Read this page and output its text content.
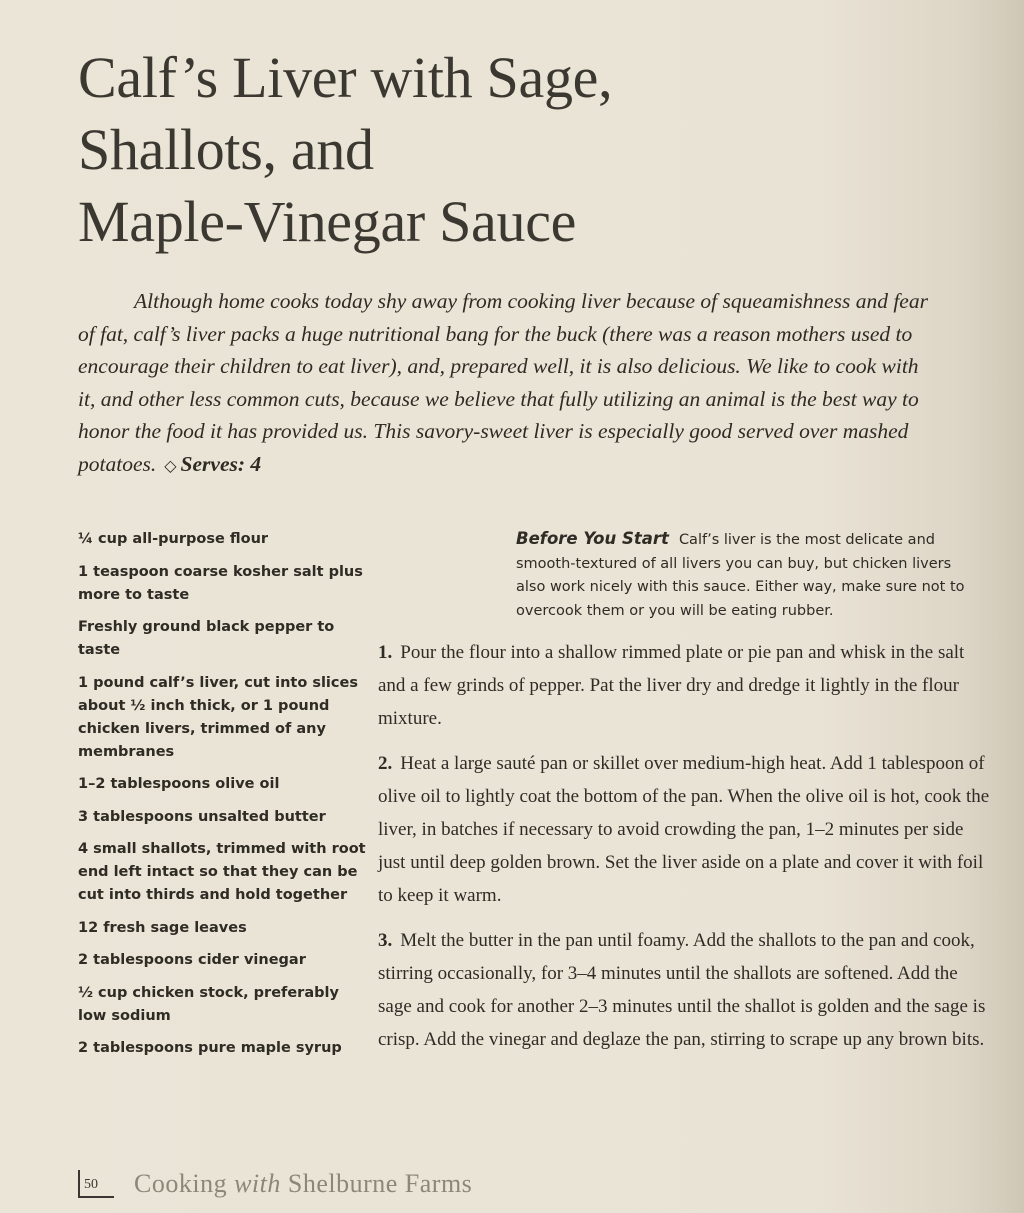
Calf’s Liver with Sage,
Shallots, and
Maple-Vinegar Sauce

Although home cooks today shy away from cooking liver because of squeamishness and fear of fat, calf’s liver packs a huge nutritional bang for the buck (there was a reason mothers used to encourage their children to eat liver), and, prepared well, it is also delicious. We like to cook with it, and other less common cuts, because we believe that fully utilizing an animal is the best way to honor the food it has provided us. This savory-sweet liver is especially good served over mashed potatoes. ◇ Serves: 4

¼ cup all-purpose flour
1 teaspoon coarse kosher salt plus more to taste
Freshly ground black pepper to taste
1 pound calf’s liver, cut into slices about ½ inch thick, or 1 pound chicken livers, trimmed of any membranes
1–2 tablespoons olive oil
3 tablespoons unsalted butter
4 small shallots, trimmed with root end left intact so that they can be cut into thirds and hold together
12 fresh sage leaves
2 tablespoons cider vinegar
½ cup chicken stock, preferably low sodium
2 tablespoons pure maple syrup

Before You Start Calf’s liver is the most delicate and smooth-textured of all livers you can buy, but chicken livers also work nicely with this sauce. Either way, make sure not to overcook them or you will be eating rubber.

1. Pour the flour into a shallow rimmed plate or pie pan and whisk in the salt and a few grinds of pepper. Pat the liver dry and dredge it lightly in the flour mixture.
2. Heat a large sauté pan or skillet over medium-high heat. Add 1 tablespoon of olive oil to lightly coat the bottom of the pan. When the olive oil is hot, cook the liver, in batches if necessary to avoid crowding the pan, 1–2 minutes per side just until deep golden brown. Set the liver aside on a plate and cover it with foil to keep it warm.
3. Melt the butter in the pan until foamy. Add the shallots to the pan and cook, stirring occasionally, for 3–4 minutes until the shallots are softened. Add the sage and cook for another 2–3 minutes until the shallot is golden and the sage is crisp. Add the vinegar and deglaze the pan, stirring to scrape up any brown bits.
50	Cooking with Shelburne Farms
